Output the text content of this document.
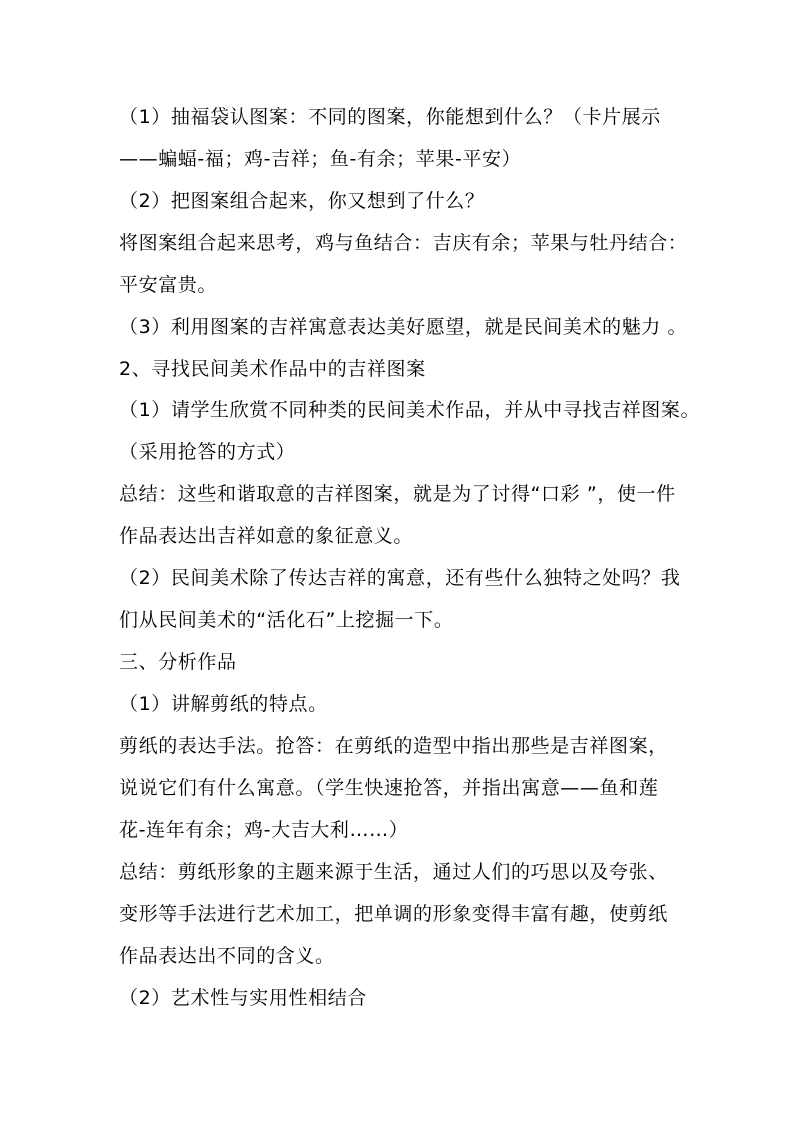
（1）抽福袋认图案：不同的图案，你能想到什么？（卡片展示
——蝙蝠-福；鸡-吉祥；鱼-有余；苹果-平安）
（2）把图案组合起来，你又想到了什么？
将图案组合起来思考，鸡与鱼结合：吉庆有余；苹果与牡丹结合：
平安富贵。
（3）利用图案的吉祥寓意表达美好愿望，就是民间美术的魅力 。
2、寻找民间美术作品中的吉祥图案
（1）请学生欣赏不同种类的民间美术作品，并从中寻找吉祥图案。
（采用抢答的方式）
总结：这些和谐取意的吉祥图案，就是为了讨得“口彩 ”，使一件
作品表达出吉祥如意的象征意义。
（2）民间美术除了传达吉祥的寓意，还有些什么独特之处吗？我
们从民间美术的“活化石”上挖掘一下。
三、分析作品
（1）讲解剪纸的特点。
剪纸的表达手法。抢答：在剪纸的造型中指出那些是吉祥图案，
说说它们有什么寓意。（学生快速抢答，并指出寓意——鱼和莲
花-连年有余；鸡-大吉大利……）
总结：剪纸形象的主题来源于生活，通过人们的巧思以及夸张、
变形等手法进行艺术加工，把单调的形象变得丰富有趣，使剪纸
作品表达出不同的含义。
（2）艺术性与实用性相结合
